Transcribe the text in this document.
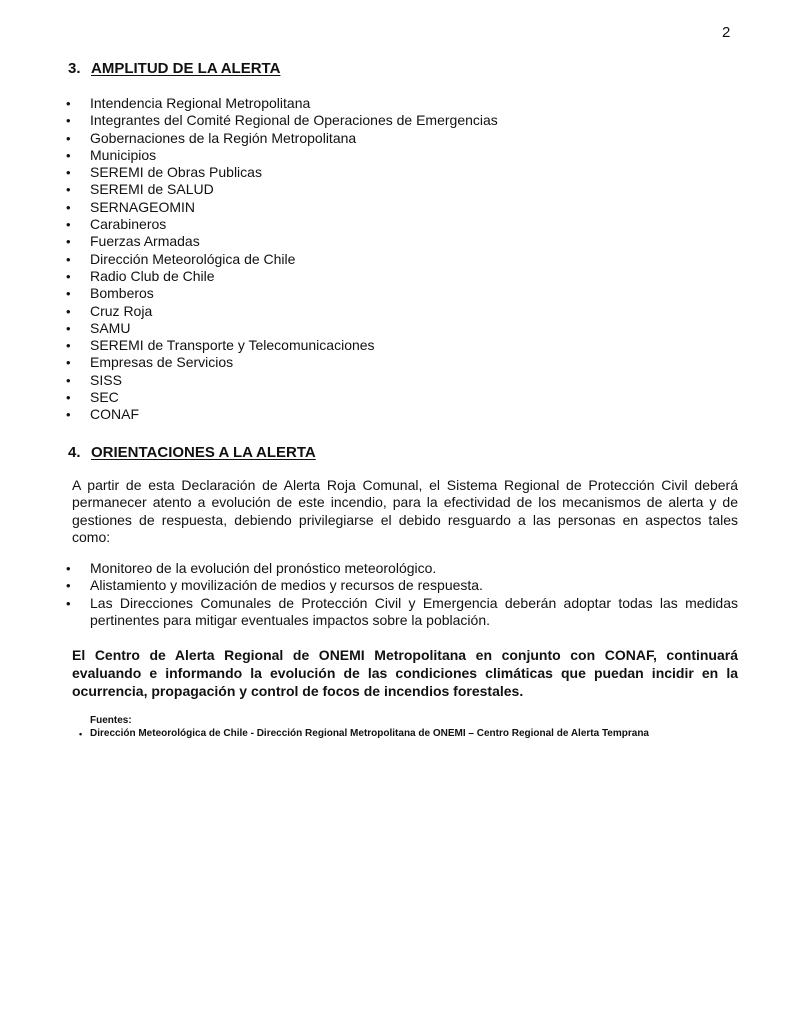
2
3. AMPLITUD DE LA ALERTA
•	Intendencia Regional Metropolitana
•	Integrantes del Comité Regional de Operaciones de Emergencias
•	Gobernaciones de la Región Metropolitana
•	Municipios
•	SEREMI de Obras Publicas
•	SEREMI de SALUD
•	SERNAGEOMIN
•	Carabineros
•	Fuerzas Armadas
•	Dirección Meteorológica de Chile
•	Radio Club de Chile
•	Bomberos
•	Cruz Roja
•	SAMU
•	SEREMI de Transporte y Telecomunicaciones
•	Empresas de Servicios
•	SISS
•	SEC
•	CONAF
4. ORIENTACIONES A LA ALERTA
A partir de esta Declaración de Alerta Roja Comunal, el Sistema Regional de Protección Civil deberá permanecer atento a evolución de este incendio, para la efectividad de los mecanismos de alerta y de gestiones de respuesta, debiendo privilegiarse el debido resguardo a las personas en aspectos tales como:
•	Monitoreo de la evolución del pronóstico meteorológico.
•	Alistamiento y movilización de medios y recursos de respuesta.
•	Las Direcciones Comunales de Protección Civil y Emergencia deberán adoptar todas las medidas pertinentes para mitigar eventuales impactos sobre la población.
El Centro de Alerta Regional de ONEMI Metropolitana en conjunto con CONAF, continuará evaluando e informando la evolución de las condiciones climáticas que puedan incidir en la ocurrencia, propagación y control de focos de incendios forestales.
Fuentes:
• Dirección Meteorológica de Chile - Dirección Regional Metropolitana de ONEMI – Centro Regional de Alerta Temprana
